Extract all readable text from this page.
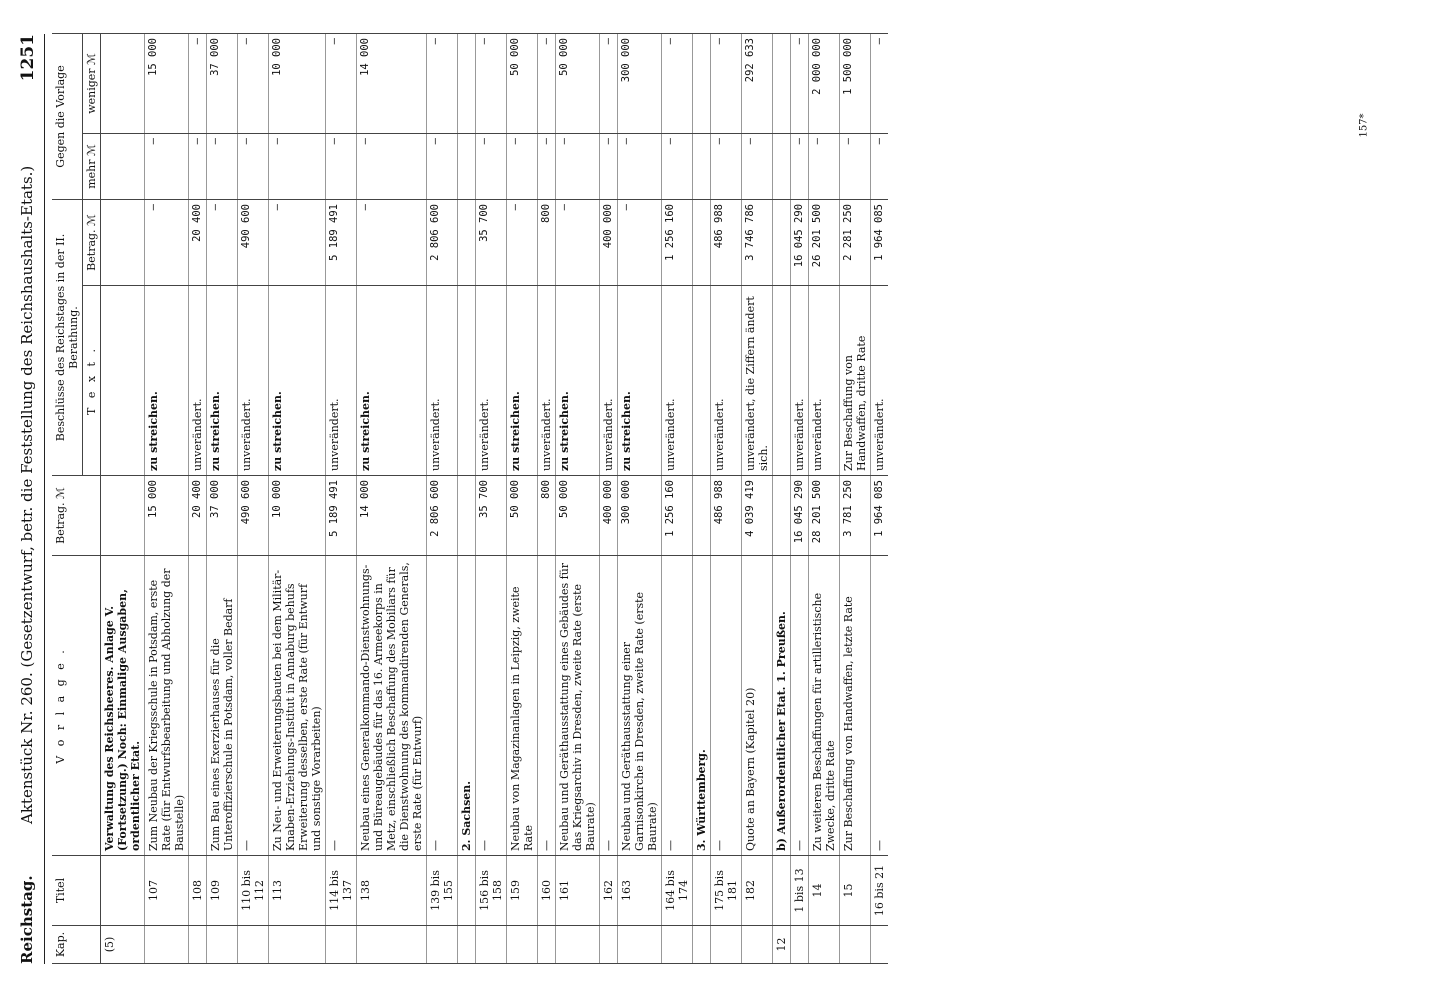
Reichstag.
Aktenstück Nr. 260. (Gesetzentwurf, betr. die Feststellung des Reichshaushalts-Etats.)
1251
Kap.	Titel	V o r l a g e .	Betrag. ℳ	Beschlüsse des Reichstages in der II. Berathung.		Gegen die Vorlage	
				T e x t .	Betrag. ℳ	mehr ℳ	weniger ℳ
(5)		Verwaltung des Reichsheeres. Anlage V. (Fortsetzung.) Noch: Einmalige Ausgaben, ordentlicher Etat.					
	107	Zum Neubau der Kriegsschule in Potsdam, erste Rate (für Entwurfsbearbeitung und Abholzung der Baustelle)	15 000	zu streichen.	—	—	15 000
	108		20 400	unverändert.	20 400	—	—
	109	Zum Bau eines Exerzierhauses für die Unteroffizierschule in Potsdam, voller Bedarf	37 000	zu streichen.	—	—	37 000
	110 bis 112	—	490 600	unverändert.	490 600	—	—
	113	Zu Neu- und Erweiterungsbauten bei dem Militär-Knaben-Erziehungs-Institut in Annaburg behufs Erweiterung desselben, erste Rate (für Entwurf und sonstige Vorarbeiten)	10 000	zu streichen.	—	—	10 000
	114 bis 137	—	5 189 491	unverändert.	5 189 491	—	—
	138	Neubau eines Generalkommando-Dienstwohnungs- und Büreaugebäudes für das 16. Armeekorps in Metz, einschließlich Beschaffung des Mobiliars für die Dienstwohnung des kommandirenden Generals, erste Rate (für Entwurf)	14 000	zu streichen.	—	—	14 000
	139 bis 155	—	2 806 600	unverändert.	2 806 600	—	—
		2. Sachsen.					
	156 bis 158	—	35 700	unverändert.	35 700	—	—
	159	Neubau von Magazinanlagen in Leipzig, zweite Rate	50 000	zu streichen.	—	—	50 000
	160	—	800	unverändert.	800	—	—
	161	Neubau und Geräthausstattung eines Gebäudes für das Kriegsarchiv in Dresden, zweite Rate (erste Baurate)	50 000	zu streichen.	—	—	50 000
	162	—	400 000	unverändert.	400 000	—	—
	163	Neubau und Geräthausstattung einer Garnisonkirche in Dresden, zweite Rate (erste Baurate)	300 000	zu streichen.	—	—	300 000
	164 bis 174	—	1 256 160	unverändert.	1 256 160	—	—
		3. Württemberg.					
	175 bis 181	—	486 988	unverändert.	486 988	—	—
	182	Quote an Bayern (Kapitel 20)	4 039 419	unverändert, die Ziffern ändert sich.	3 746 786	—	292 633
12		b) Außerordentlicher Etat. 1. Preußen.					
	1 bis 13	—	16 045 290	unverändert.	16 045 290	—	—
	14	Zu weiteren Beschaffungen für artilleristische Zwecke, dritte Rate	28 201 500	unverändert.	26 201 500	—	2 000 000
	15	Zur Beschaffung von Handwaffen, letzte Rate	3 781 250	Zur Beschaffung von Handwaffen, dritte Rate	2 281 250	—	1 500 000
	16 bis 21	—	1 964 085	unverändert.	1 964 085	—	—
157*
